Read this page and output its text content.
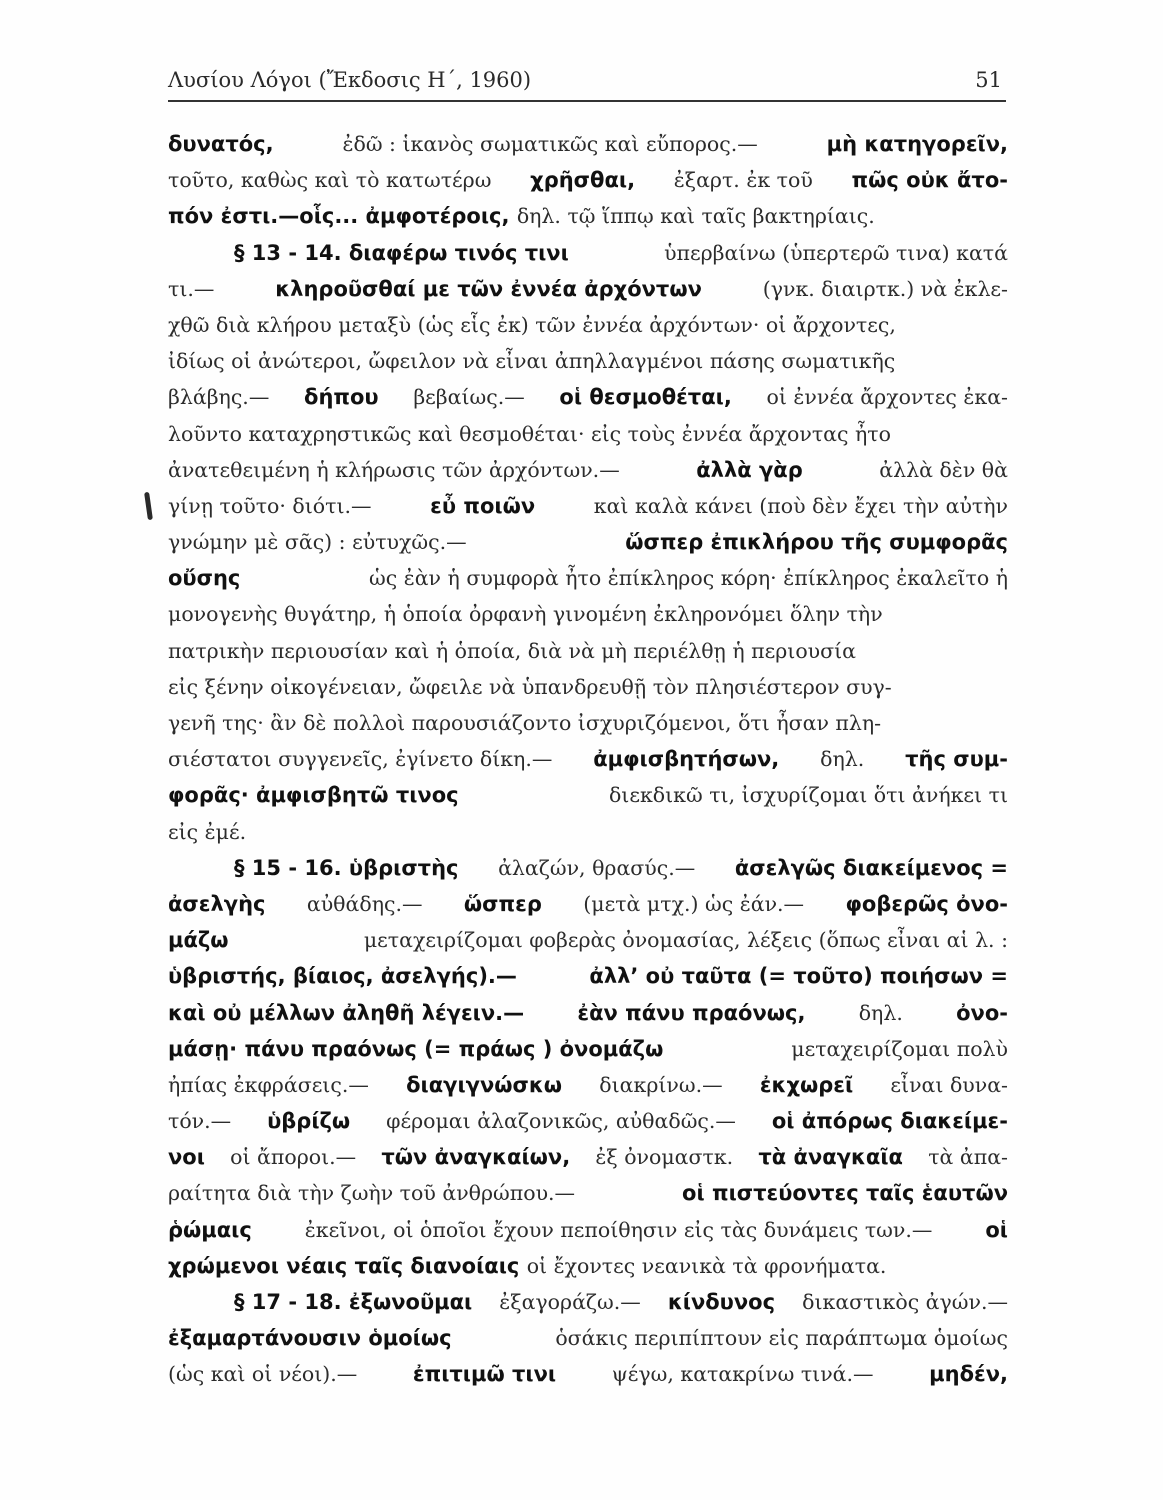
Λυσίου Λόγοι (Ἔκδοσις Η΄, 1960)	51
δυνατός,	ἐδῶ : ἱκανὸς σωματικῶς καὶ εὔπορος.—	μὴ κατηγορεῖν,
τοῦτο, καθὼς καὶ τὸ κατωτέρω χρῆσθαι, ἐξαρτ. ἐκ τοῦ πῶς οὐκ ἄτο-
πόν ἐστι.—οἷς... ἀμφοτέροις, δηλ. τῷ ἵππῳ καὶ ταῖς βακτηρίαις.
§ 13 - 14. διαφέρω τινός τινι	ὑπερβαίνω (ὑπερτερῶ τινα) κατά
τι.—	κληροῦσθαί με τῶν ἐννέα ἀρχόντων	(γνκ. διαιρτκ.) νὰ ἐκλε-
χθῶ διὰ κλήρου μεταξὺ (ὡς εἷς ἐκ) τῶν ἐννέα ἀρχόντων· οἱ ἄρχοντες,
ἰδίως οἱ ἀνώτεροι, ὤφειλον νὰ εἶναι ἀπηλλαγμένοι πάσης σωματικῆς
βλάβης.— δήπου βεβαίως.— οἱ θεσμοθέται, οἱ ἐννέα ἄρχοντες ἐκα-
λοῦντο καταχρηστικῶς καὶ θεσμοθέται· εἰς τοὺς ἐννέα ἄρχοντας ἦτο
ἀνατεθειμένη ἡ κλήρωσις τῶν ἀρχόντων.—	ἀλλὰ γὰρ	ἀλλὰ δὲν θὰ
γίνῃ τοῦτο· διότι.—	εὖ ποιῶν	καὶ καλὰ κάνει (ποὺ δὲν ἔχει τὴν αὐτὴν
γνώμην μὲ σᾶς) : εὐτυχῶς.—	ὥσπερ ἐπικλήρου τῆς συμφορᾶς
οὔσης	ὡς ἐὰν ἡ συμφορὰ ἦτο ἐπίκληρος κόρη· ἐπίκληρος ἐκαλεῖτο ἡ
μονογενὴς θυγάτηρ, ἡ ὁποία ὀρφανὴ γινομένη ἐκληρονόμει ὅλην τὴν
πατρικὴν περιουσίαν καὶ ἡ ὁποία, διὰ νὰ μὴ περιέλθῃ ἡ περιουσία
εἰς ξένην οἰκογένειαν, ὤφειλε νὰ ὑπανδρευθῇ τὸν πλησιέστερον συγ-
γενῆ της· ἂν δὲ πολλοὶ παρουσιάζοντο ἰσχυριζόμενοι, ὅτι ἦσαν πλη-
σιέστατοι συγγενεῖς, ἐγίνετο δίκη.— ἀμφισβητήσων, δηλ. τῆς συμ-
φορᾶς· ἀμφισβητῶ τινος	διεκδικῶ τι, ἰσχυρίζομαι ὅτι ἀνήκει τι
εἰς ἐμέ.
§ 15 - 16. ὑβριστὴς ἀλαζών, θρασύς.— ἀσελγῶς διακείμενος =
ἀσελγὴς αὐθάδης.— ὥσπερ (μετὰ μτχ.) ὡς ἐάν.— φοβερῶς ὀνο-
μάζω	μεταχειρίζομαι φοβερὰς ὀνομασίας, λέξεις (ὅπως εἶναι αἱ λ. :
ὑβριστής, βίαιος, ἀσελγής).—	ἀλλ’ οὐ ταῦτα (= τοῦτο) ποιήσων =
καὶ οὐ μέλλων ἀληθῆ λέγειν.—	ἐὰν πάνυ πραόνως,	δηλ.	ὀνο-
μάσῃ· πάνυ πραόνως (= πράως ) ὀνομάζω	μεταχειρίζομαι πολὺ
ἠπίας ἐκφράσεις.— διαγιγνώσκω διακρίνω.— ἐκχωρεῖ εἶναι δυνα-
τόν.— ὑβρίζω φέρομαι ἀλαζονικῶς, αὐθαδῶς.— οἱ ἀπόρως διακείμε-
νοι οἱ ἄποροι.— τῶν ἀναγκαίων, ἐξ ὀνομαστκ. τὰ ἀναγκαῖα τὰ ἀπα-
ραίτητα διὰ τὴν ζωὴν τοῦ ἀνθρώπου.—	οἱ πιστεύοντες ταῖς ἑαυτῶν
ῥώμαις	ἐκεῖνοι, οἱ ὁποῖοι ἔχουν πεποίθησιν εἰς τὰς δυνάμεις των.—	οἱ
χρώμενοι νέαις ταῖς διανοίαις οἱ ἔχοντες νεανικὰ τὰ φρονήματα.
§ 17 - 18. ἐξωνοῦμαι ἐξαγοράζω.— κίνδυνος δικαστικὸς ἀγών.—
ἐξαμαρτάνουσιν ὁμοίως	ὁσάκις περιπίπτουν εἰς παράπτωμα ὁμοίως
(ὡς καὶ οἱ νέοι).—	ἐπιτιμῶ τινι	ψέγω, κατακρίνω τινά.—	μηδέν,
